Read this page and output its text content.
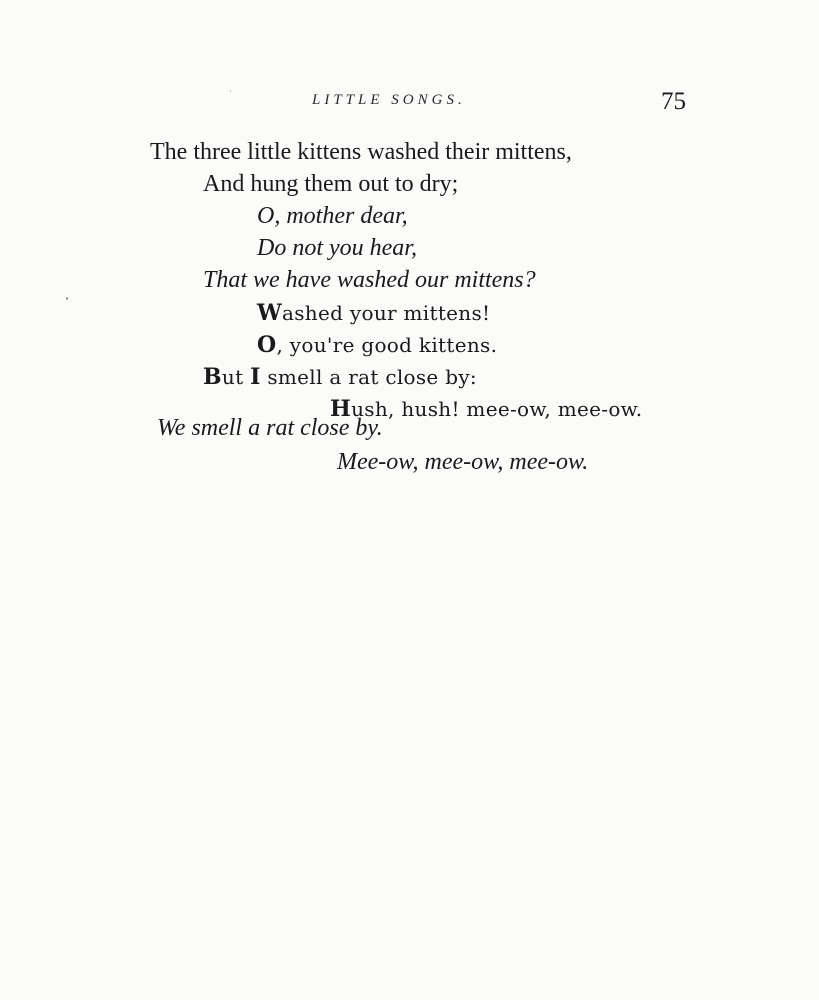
LITTLE SONGS.	75
The three little kittens washed their mittens,
And hung them out to dry;
O, mother dear,
Do not you hear,
That we have washed our mittens?
Washed your mittens!
O, you're good kittens.
But I smell a rat close by:
Hush, hush! mee-ow, mee-ow.
We smell a rat close by.
Mee-ow, mee-ow, mee-ow.
